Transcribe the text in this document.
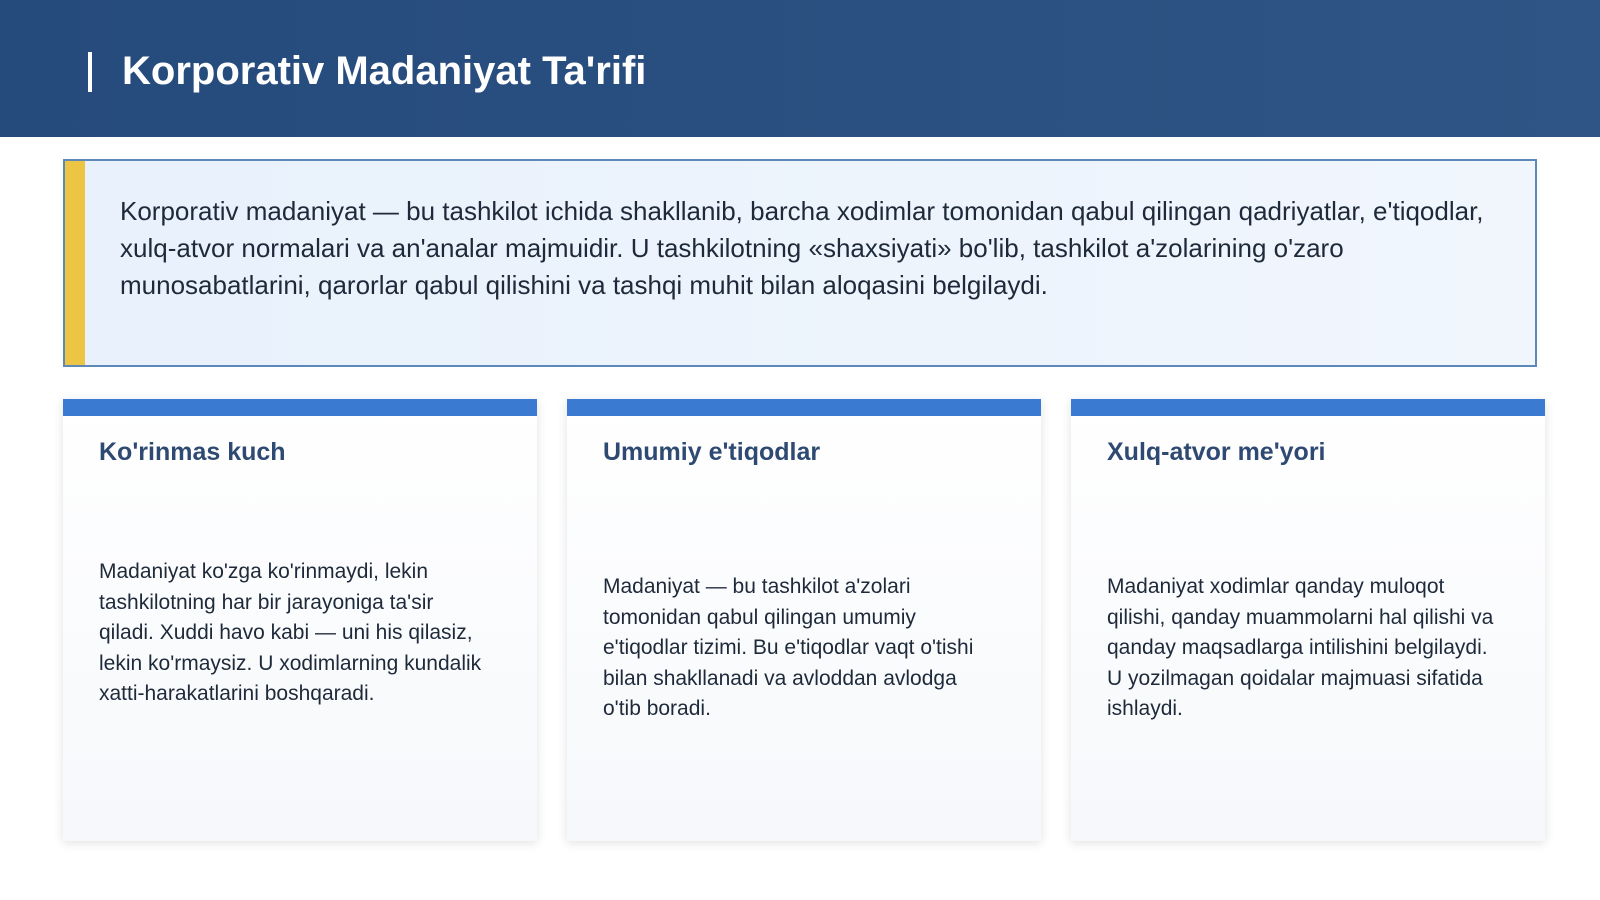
Korporativ Madaniyat Ta'rifi
Korporativ madaniyat — bu tashkilot ichida shakllanib, barcha xodimlar tomonidan qabul qilingan qadriyatlar, e'tiqodlar, xulq-atvor normalari va an'analar majmuidir. U tashkilotning «shaxsiyati» bo'lib, tashkilot a'zolarining o'zaro munosabatlarini, qarorlar qabul qilishini va tashqi muhit bilan aloqasini belgilaydi.
Ko'rinmas kuch
Madaniyat ko'zga ko'rinmaydi, lekin tashkilotning har bir jarayoniga ta'sir qiladi. Xuddi havo kabi — uni his qilasiz, lekin ko'rmaysiz. U xodimlarning kundalik xatti-harakatlarini boshqaradi.
Umumiy e'tiqodlar
Madaniyat — bu tashkilot a'zolari tomonidan qabul qilingan umumiy e'tiqodlar tizimi. Bu e'tiqodlar vaqt o'tishi bilan shakllanadi va avloddan avlodga o'tib boradi.
Xulq-atvor me'yori
Madaniyat xodimlar qanday muloqot qilishi, qanday muammolarni hal qilishi va qanday maqsadlarga intilishini belgilaydi. U yozilmagan qoidalar majmuasi sifatida ishlaydi.
